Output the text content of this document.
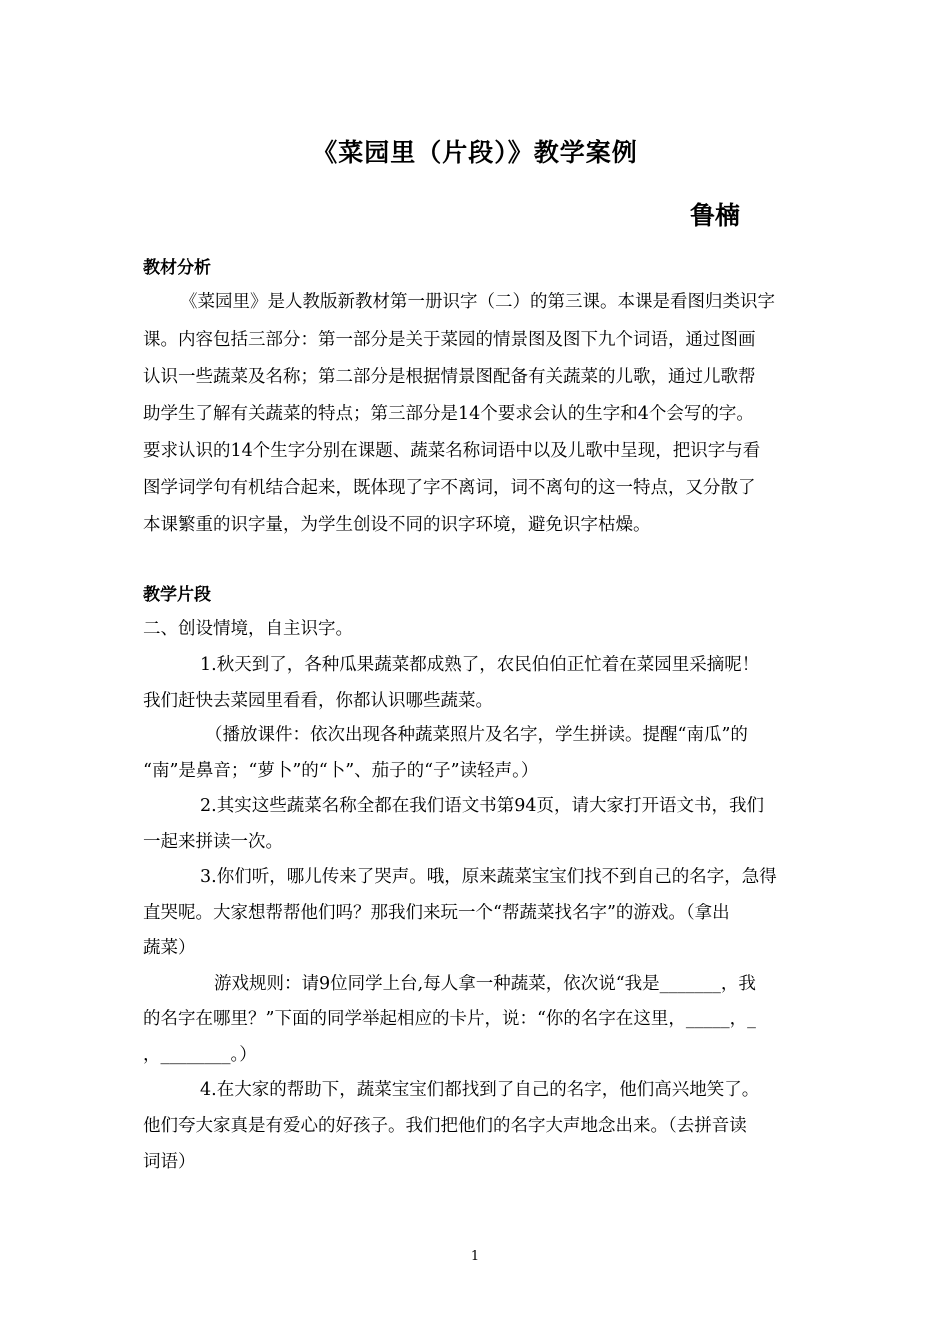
《菜园里（片段）》教学案例
鲁楠
教材分析
《菜园里》是人教版新教材第一册识字（二）的第三课。本课是看图归类识字
课。内容包括三部分：第一部分是关于菜园的情景图及图下九个词语，通过图画
认识一些蔬菜及名称；第二部分是根据情景图配备有关蔬菜的儿歌，通过儿歌帮
助学生了解有关蔬菜的特点；第三部分是14个要求会认的生字和4个会写的字。
要求认识的14个生字分别在课题、蔬菜名称词语中以及儿歌中呈现，把识字与看
图学词学句有机结合起来，既体现了字不离词，词不离句的这一特点，又分散了
本课繁重的识字量，为学生创设不同的识字环境，避免识字枯燥。
教学片段
二、创设情境，自主识字。
1.秋天到了，各种瓜果蔬菜都成熟了，农民伯伯正忙着在菜园里采摘呢！
我们赶快去菜园里看看，你都认识哪些蔬菜。
（播放课件：依次出现各种蔬菜照片及名字，学生拼读。提醒“南瓜”的
“南”是鼻音；“萝卜”的“卜”、茄子的“子”读轻声。）
2.其实这些蔬菜名称全都在我们语文书第94页，请大家打开语文书，我们
一起来拼读一次。
3.你们听，哪儿传来了哭声。哦，原来蔬菜宝宝们找不到自己的名字，急得
直哭呢。大家想帮帮他们吗？那我们来玩一个“帮蔬菜找名字”的游戏。（拿出
蔬菜）
游戏规则：请9位同学上台,每人拿一种蔬菜，依次说“我是_______，我
的名字在哪里？”下面的同学举起相应的卡片，说：“你的名字在这里，_____，_
，________。）
4.在大家的帮助下，蔬菜宝宝们都找到了自己的名字，他们高兴地笑了。
他们夸大家真是有爱心的好孩子。我们把他们的名字大声地念出来。（去拼音读
词语）
1
